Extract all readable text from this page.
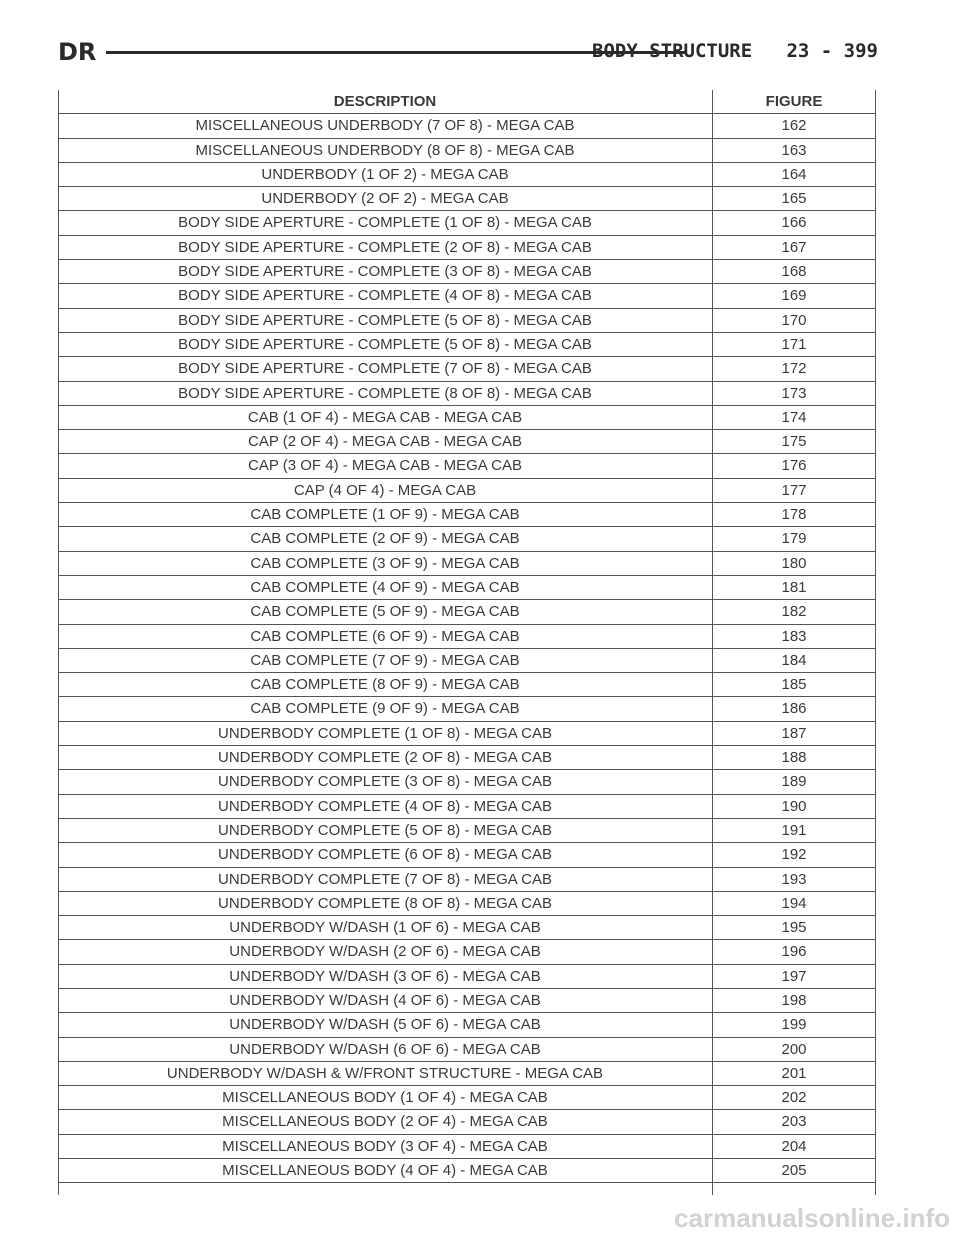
DR	BODY STRUCTURE 23 - 399
DESCRIPTION	FIGURE
MISCELLANEOUS UNDERBODY (7 OF 8) - MEGA CAB	162
MISCELLANEOUS UNDERBODY (8 OF 8) - MEGA CAB	163
UNDERBODY (1 OF 2) - MEGA CAB	164
UNDERBODY (2 OF 2) - MEGA CAB	165
BODY SIDE APERTURE - COMPLETE (1 OF 8) - MEGA CAB	166
BODY SIDE APERTURE - COMPLETE (2 OF 8) - MEGA CAB	167
BODY SIDE APERTURE - COMPLETE (3 OF 8) - MEGA CAB	168
BODY SIDE APERTURE - COMPLETE (4 OF 8) - MEGA CAB	169
BODY SIDE APERTURE - COMPLETE (5 OF 8) - MEGA CAB	170
BODY SIDE APERTURE - COMPLETE (5 OF 8) - MEGA CAB	171
BODY SIDE APERTURE - COMPLETE (7 OF 8) - MEGA CAB	172
BODY SIDE APERTURE - COMPLETE (8 OF 8) - MEGA CAB	173
CAB (1 OF 4) - MEGA CAB - MEGA CAB	174
CAP (2 OF 4) - MEGA CAB - MEGA CAB	175
CAP (3 OF 4) - MEGA CAB - MEGA CAB	176
CAP (4 OF 4) - MEGA CAB	177
CAB COMPLETE (1 OF 9) - MEGA CAB	178
CAB COMPLETE (2 OF 9) - MEGA CAB	179
CAB COMPLETE (3 OF 9) - MEGA CAB	180
CAB COMPLETE (4 OF 9) - MEGA CAB	181
CAB COMPLETE (5 OF 9) - MEGA CAB	182
CAB COMPLETE (6 OF 9) - MEGA CAB	183
CAB COMPLETE (7 OF 9) - MEGA CAB	184
CAB COMPLETE (8 OF 9) - MEGA CAB	185
CAB COMPLETE (9 OF 9) - MEGA CAB	186
UNDERBODY COMPLETE (1 OF 8) - MEGA CAB	187
UNDERBODY COMPLETE (2 OF 8) - MEGA CAB	188
UNDERBODY COMPLETE (3 OF 8) - MEGA CAB	189
UNDERBODY COMPLETE (4 OF 8) - MEGA CAB	190
UNDERBODY COMPLETE (5 OF 8) - MEGA CAB	191
UNDERBODY COMPLETE (6 OF 8) - MEGA CAB	192
UNDERBODY COMPLETE (7 OF 8) - MEGA CAB	193
UNDERBODY COMPLETE (8 OF 8) - MEGA CAB	194
UNDERBODY W/DASH (1 OF 6) - MEGA CAB	195
UNDERBODY W/DASH (2 OF 6) - MEGA CAB	196
UNDERBODY W/DASH (3 OF 6) - MEGA CAB	197
UNDERBODY W/DASH (4 OF 6) - MEGA CAB	198
UNDERBODY W/DASH (5 OF 6) - MEGA CAB	199
UNDERBODY W/DASH (6 OF 6) - MEGA CAB	200
UNDERBODY W/DASH & W/FRONT STRUCTURE - MEGA CAB	201
MISCELLANEOUS BODY (1 OF 4) - MEGA CAB	202
MISCELLANEOUS BODY (2 OF 4) - MEGA CAB	203
MISCELLANEOUS BODY (3 OF 4) - MEGA CAB	204
MISCELLANEOUS BODY (4 OF 4) - MEGA CAB	205
carmanualsonline.info
